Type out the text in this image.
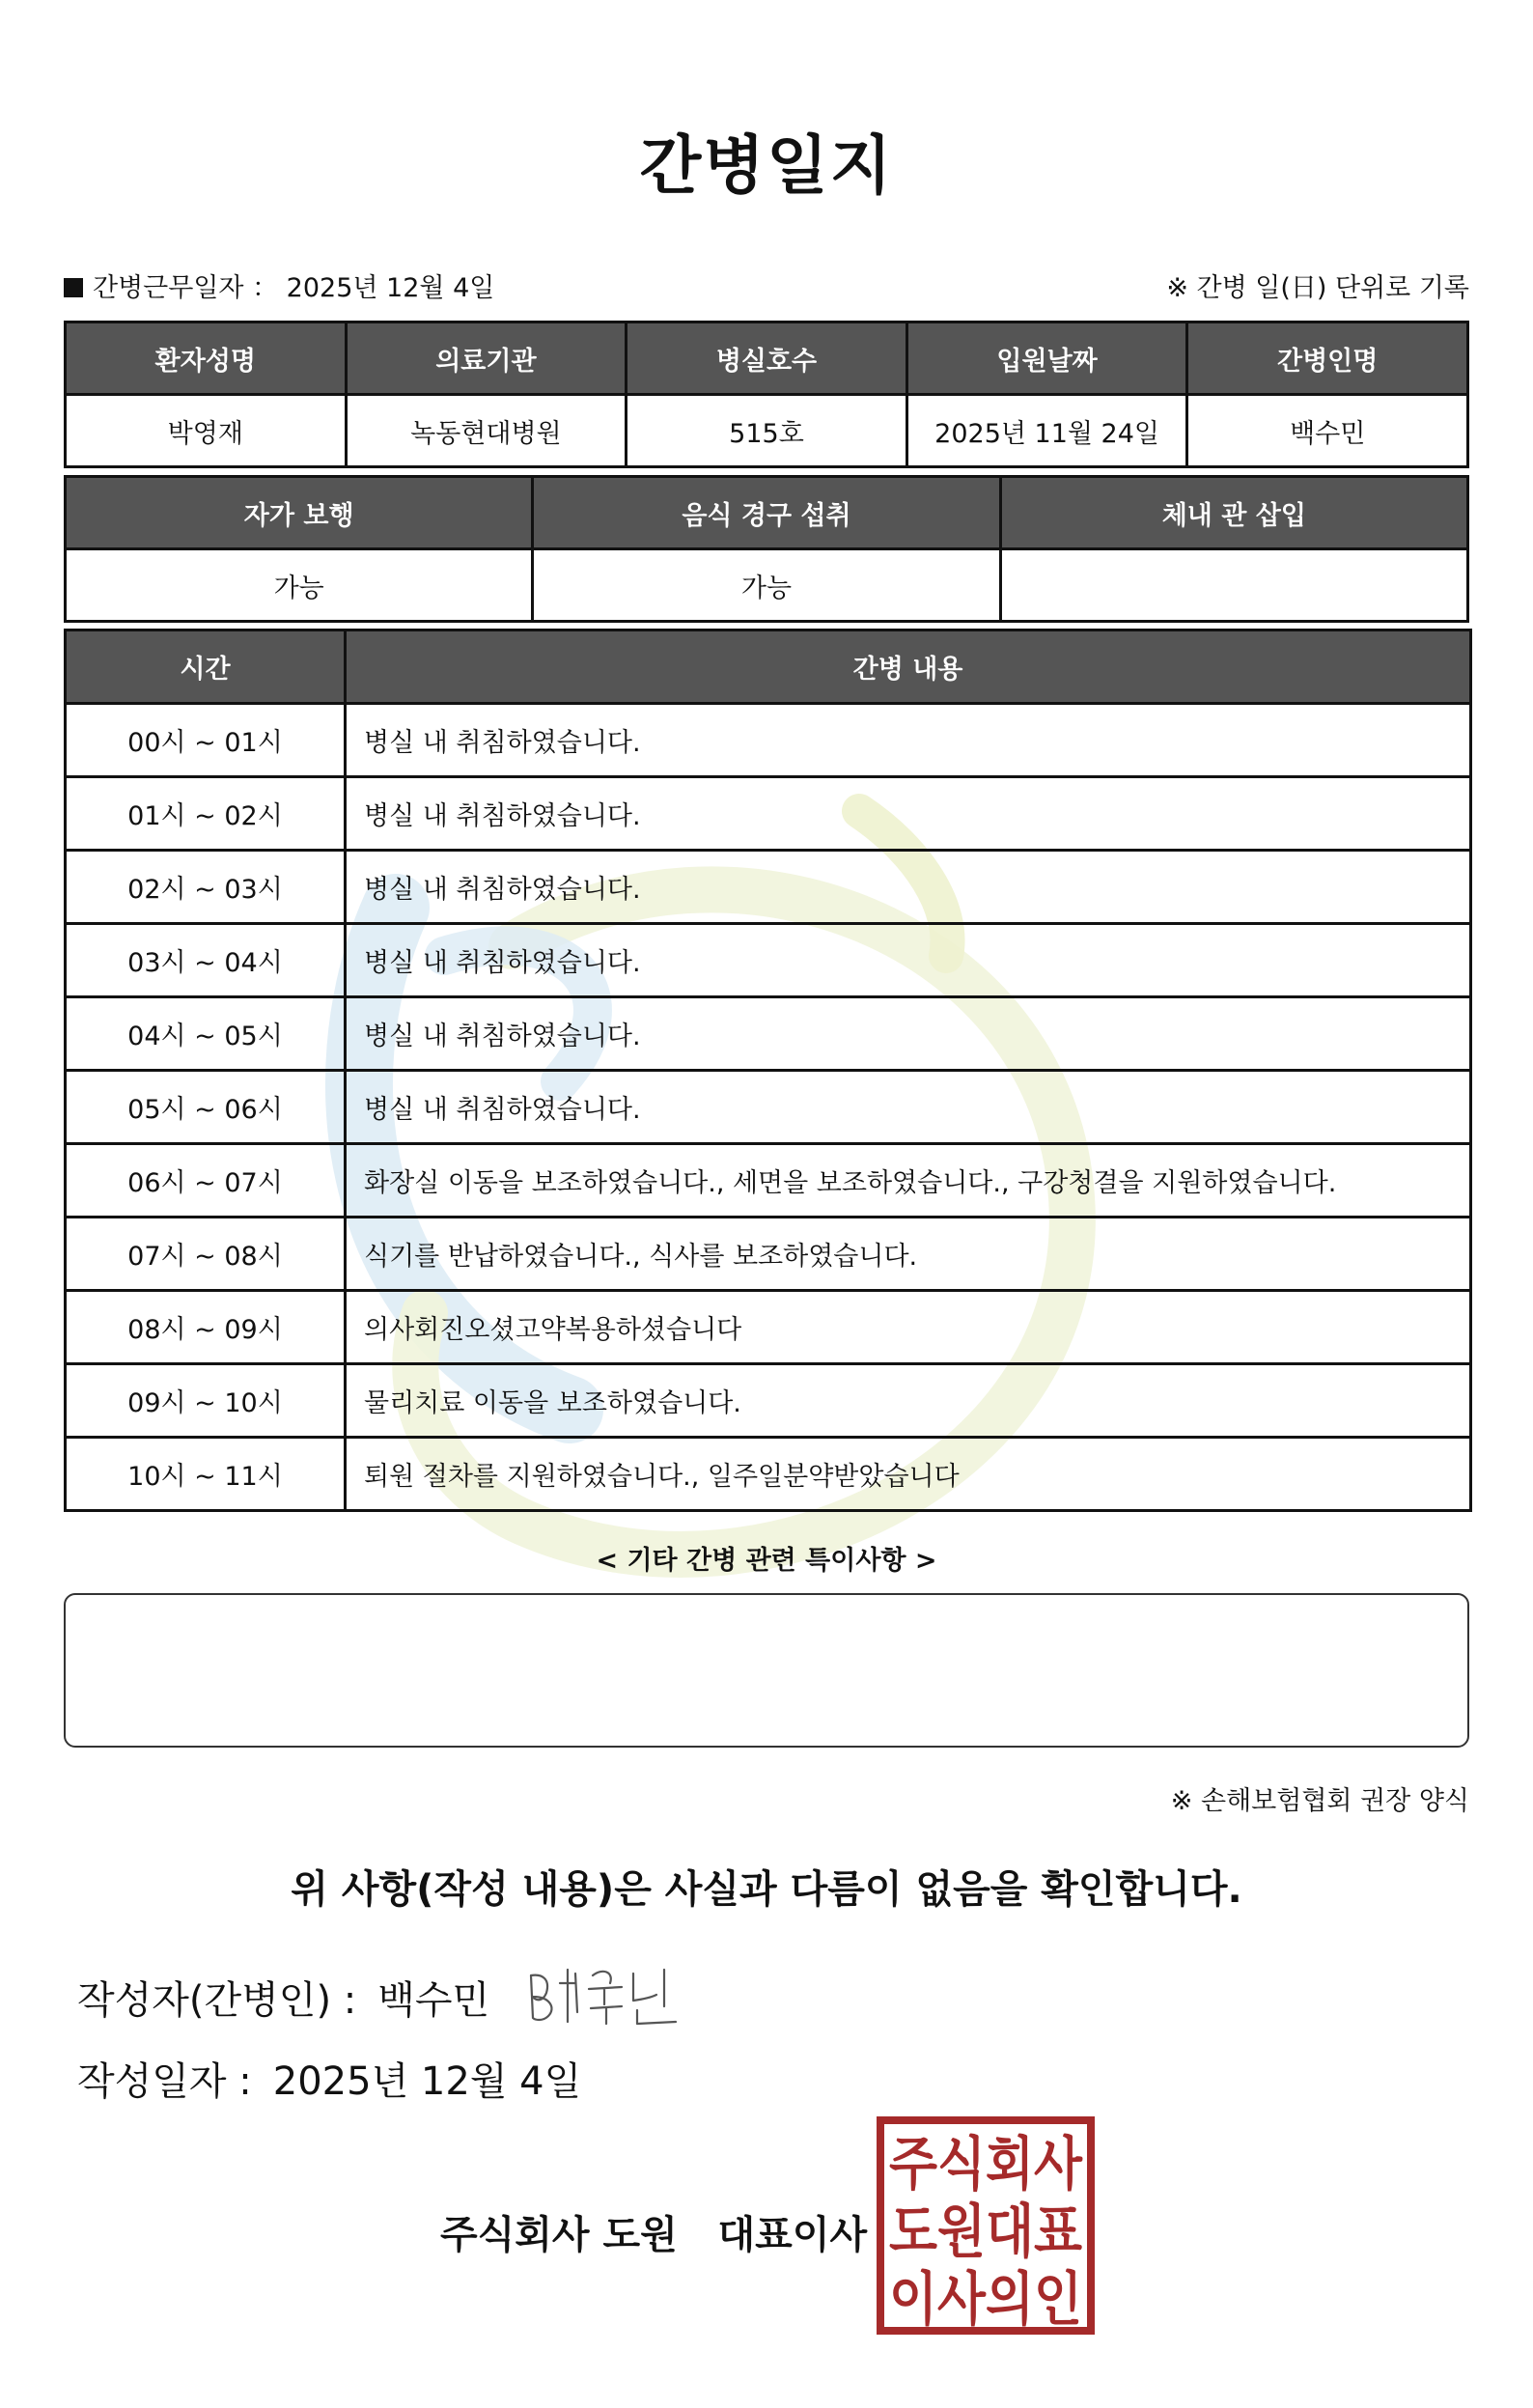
간병일지
간병근무일자 ： 2025년 12월 4일	※ 간병 일(日) 단위로 기록
환자성명	의료기관	병실호수	입원날짜	간병인명
박영재	녹동현대병원	515호	2025년 11월 24일	백수민
자가 보행	음식 경구 섭취	체내 관 삽입
가능	가능	
시간	간병 내용
00시 ~ 01시	병실 내 취침하였습니다.
01시 ~ 02시	병실 내 취침하였습니다.
02시 ~ 03시	병실 내 취침하였습니다.
03시 ~ 04시	병실 내 취침하였습니다.
04시 ~ 05시	병실 내 취침하였습니다.
05시 ~ 06시	병실 내 취침하였습니다.
06시 ~ 07시	화장실 이동을 보조하였습니다., 세면을 보조하였습니다., 구강청결을 지원하였습니다.
07시 ~ 08시	식기를 반납하였습니다., 식사를 보조하였습니다.
08시 ~ 09시	의사회진오셨고약복용하셨습니다
09시 ~ 10시	물리치료 이동을 보조하였습니다.
10시 ~ 11시	퇴원 절차를 지원하였습니다., 일주일분약받았습니다
< 기타 간병 관련 특이사항 >
※ 손해보험협회 권장 양식
위 사항(작성 내용)은 사실과 다름이 없음을 확인합니다.
작성자(간병인) : 백수민
작성일자 : 2025년 12월 4일
주식회사 도원 대표이사
주식회사
도원대표
이사의인
